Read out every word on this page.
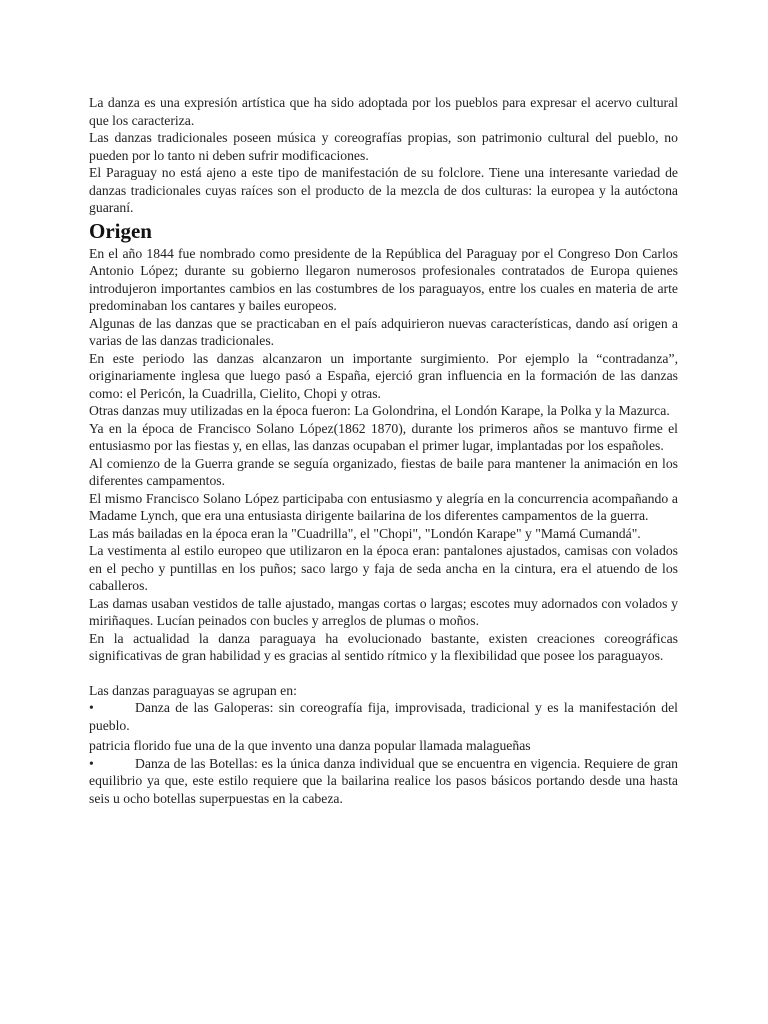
La danza es una expresión artística que ha sido adoptada por los pueblos para expresar el acervo cultural que los caracteriza.

Las danzas tradicionales poseen música y coreografías propias, son patrimonio cultural del pueblo, no pueden por lo tanto ni deben sufrir modificaciones.

El Paraguay no está ajeno a este tipo de manifestación de su folclore. Tiene una interesante variedad de danzas tradicionales cuyas raíces son el producto de la mezcla de dos culturas: la europea y la autóctona guaraní.

Origen

En el año 1844 fue nombrado como presidente de la República del Paraguay por el Congreso Don Carlos Antonio López; durante su gobierno llegaron numerosos profesionales contratados de Europa quienes introdujeron importantes cambios en las costumbres de los paraguayos, entre los cuales en materia de arte predominaban los cantares y bailes europeos.

Algunas de las danzas que se practicaban en el país adquirieron nuevas características, dando así origen a varias de las danzas tradicionales.

En este periodo las danzas alcanzaron un importante surgimiento. Por ejemplo la “contradanza”, originariamente inglesa que luego pasó a España, ejerció gran influencia en la formación de las danzas como: el Pericón, la Cuadrilla, Cielito, Chopi y otras.

Otras danzas muy utilizadas en la época fueron: La Golondrina, el Londón Karape, la Polka y la Mazurca.

Ya en la época de Francisco Solano López(1862 1870), durante los primeros años se mantuvo firme el entusiasmo por las fiestas y, en ellas, las danzas ocupaban el primer lugar, implantadas por los españoles.

Al comienzo de la Guerra grande se seguía organizado, fiestas de baile para mantener la animación en los diferentes campamentos.

El mismo Francisco Solano López participaba con entusiasmo y alegría en la concurrencia acompañando a Madame Lynch, que era una entusiasta dirigente bailarina de los diferentes campamentos de la guerra.

Las más bailadas en la época eran la "Cuadrilla", el "Chopi", "Londón Karape" y "Mamá Cumandá".

La vestimenta al estilo europeo que utilizaron en la época eran: pantalones ajustados, camisas con volados en el pecho y puntillas en los puños; saco largo y faja de seda ancha en la cintura, era el atuendo de los caballeros.

Las damas usaban vestidos de talle ajustado, mangas cortas o largas; escotes muy adornados con volados y miriñaques. Lucían peinados con bucles y arreglos de plumas o moños.

En la actualidad la danza paraguaya ha evolucionado bastante, existen creaciones coreográficas significativas de gran habilidad y es gracias al sentido rítmico y la flexibilidad que posee los paraguayos.

Las danzas paraguayas se agrupan en:

•	Danza de las Galoperas: sin coreografía fija, improvisada, tradicional y es la manifestación del pueblo.

patricia florido fue una de la que invento una danza popular llamada malagueñas

•	Danza de las Botellas: es la única danza individual que se encuentra en vigencia. Requiere de gran equilibrio ya que, este estilo requiere que la bailarina realice los pasos básicos portando desde una hasta seis u ocho botellas superpuestas en la cabeza.
